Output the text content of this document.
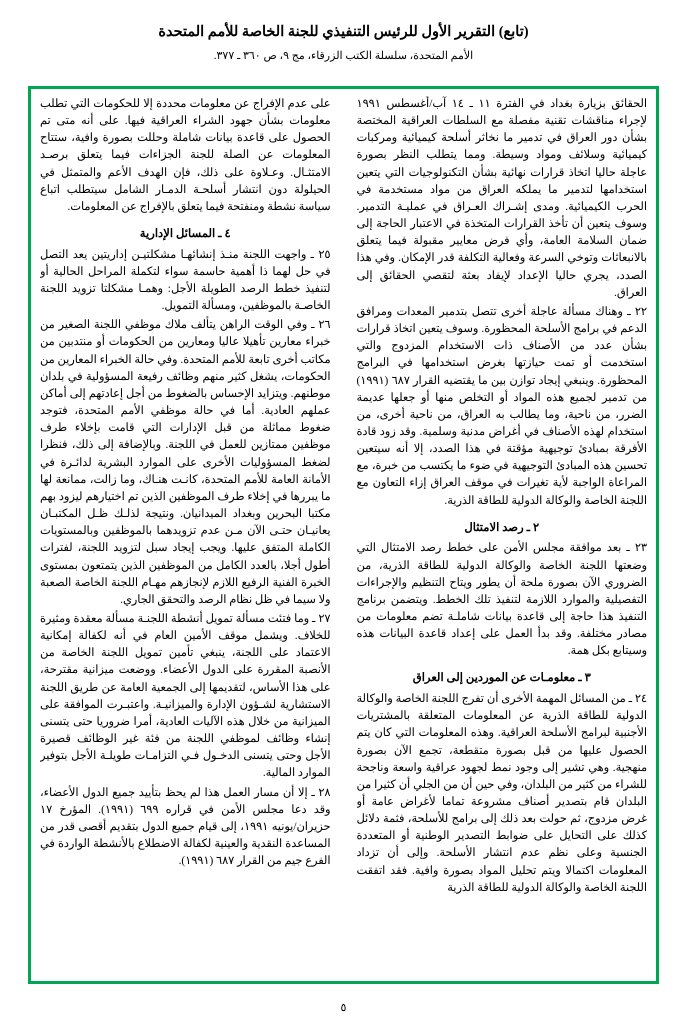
(تابع) التقرير الأول للرئيس التنفيذي للجنة الخاصة للأمم المتحدة
الأمم المتحدة، سلسلة الكتب الزرقاء، مج ٩، ص ٣٦٠ ـ ٣٧٧.

الحقائق بزيارة بغداد في الفترة ١١ ـ ١٤ آب/أغسطس ١٩٩١ لإجراء مناقشات تقنية مفصلة مع السلطات العراقية المختصة بشأن دور العراق في تدمير ما نخاثر أسلحة كيميائية ومركبات كيميائية وسلائف ومواد وسيطة. ومما يتطلب النظر بصورة عاجلة حاليا اتخاذ قرارات نهائية بشأن التكنولوجيات التي يتعين استخدامها لتدمير ما يملكه العراق من مواد مستخدمة في الحرب الكيميائية. ومدى إشـراك العـراق في عمليـة التدمير. وسوف يتعين أن تأخذ القرارات المتخذة في الاعتبار الحاجة إلى ضمان السلامة العامة، وأي فرض معايير مقبولة فيما يتعلق بالانبعاثات وتوخي السرعة وفعالية التكلفة قدر الإمكان. وفي هذا الصدد، يجري حاليا الإعداد لإيفاد بعثة لتقصي الحقائق إلى العراق.

٢٢ ـ وهناك مسألة عاجلة أخرى تتصل بتدمير المعدات ومرافق الدعم في برامج الأسلحة المحظورة. وسوف يتعين اتخاذ قرارات بشأن عدد من الأصناف ذات الاستخدام المزدوج والتي استخدمت أو تمت حيازتها بغرض استخدامها في البرامج المحظورة. وينبغي إيجاد توازن بين ما يقتضيه القرار ٦٨٧ (١٩٩١) من تدمير لجميع هذه المواد أو التخلص منها أو جعلها عديمة الضرر، من ناحية، وما يطالب به العراق، من ناحية أخرى، من استخدام لهذه الأصناف في أغراض مدنية وسلمية. وقد زود قادة الأفرقة بمبادئ توجيهية مؤقتة في هذا الصدد، إلا أنه سيتعين تحسين هذه المبادئ التوجيهية في ضوء ما يكتسب من خبرة، مع المراعاة الواجبة لأية تغيرات في موقف العراق إزاء التعاون مع اللجنة الخاصة والوكالة الدولية للطاقة الذرية.

٢ ـ رصد الامتثال

٢٣ ـ بعد موافقة مجلس الأمن على خطط رصد الامتثال التي وضعتها اللجنة الخاصة والوكالة الدولية للطاقة الذرية، من الضروري الآن بصورة ملحة أن يطور ويتاح التنظيم والإجراءات التفصيلية والموارد اللازمة لتنفيذ تلك الخطط. ويتضمن برنامج التنفيذ هذا حاجة إلى قاعدة بيانات شاملـة تضم معلومات من مصادر مختلفة. وقد بدأ العمل على إعداد قاعدة البيانات هذه وسيتابع بكل همة.

٣ ـ معلومـات عن الموردين إلى العراق

٢٤ ـ من المسائل المهمة الأخرى أن تفرج اللجنة الخاصة والوكالة الدولية للطاقة الذرية عن المعلومات المتعلقة بالمشتريات الأجنبية لبرامج الأسلحة العراقية. وهذه المعلومات التي كان يتم الحصول عليها من قبل بصورة متقطعة، تجمع الآن بصورة منهجية. وهي تشير إلى وجود نمط لجهود عراقية واسعة وناجحة للشراء من كثير من البلدان، وفي حين أن من الجلي أن كثيرا من البلدان قام بتصدير أصناف مشروعة تماما لأغراض عامة أو غرض مزدوج، ثم حولت بعد ذلك إلى برامج للأسلحة، فثمة دلائل كذلك على التحايل على ضوابط التصدير الوطنية أو المتعددة الجنسية وعلى نظم عدم انتشار الأسلحة. وإلى أن تزداد المعلومات اكتمالا ويتم تحليل المواد بصورة وافية. فقد اتفقت اللجنة الخاصة والوكالة الدولية للطاقة الذرية

على عدم الإفراج عن معلومات محددة إلا للحكومات التي تطلب معلومات بشأن جهود الشراء العراقية فيها. على أنه متى تم الحصول على قاعدة بيانات شاملة وحللت بصورة وافية، ستتاح المعلومات عن الصلة للجنة الجزاءات فيما يتعلق برصـد الامتثـال. وعـلاوة على ذلك، فإن الهدف الأعم والمتمثل في الحيلولة دون انتشار أسلحـة الدمـار الشامل سيتطلب اتباع سياسة نشطة ومنفتحة فيما يتعلق بالإفراج عن المعلومات.

٤ ـ المسائل الإدارية

٢٥ ـ واجهت اللجنة منـذ إنشائهـا مشكلتيـن إداريتين يعد التصل في حل لهما ذا أهمية حاسمة سواء لتكملة المراحل الحالية أو لتنفيذ خطط الرصد الطويلة الأجل: وهمـا مشكلتا تزويد اللجنة الخاصـة بالموظفين، ومسألة التمويل.

٢٦ ـ وفي الوقت الراهن يتألف ملاك موظفي اللجنة الصغير من خبراء معارين تأهيلا عاليا ومعارين من الحكومات أو منتدبين من مكاتب أخرى تابعة للأمم المتحدة. وفي حالة الخبراء المعارين من الحكومات، يشغل كثير منهم وظائف رفيعة المسؤولية في بلدان موطنهم. ويتزايد الإحساس بالضغوط من أجل إعادتهم إلى أماكن عملهم العادية. أما في حالة موظفي الأمم المتحدة، فتوجد ضغوط مماثلة من قبل الإدارات التي قامت بإخلاء طرف موظفين ممتازين للعمل في اللجنة. وبالإضافة إلى ذلك، فنظرا لضغط المسؤوليات الأخرى على الموارد البشرية لدائـرة في الأمانة العامة للأمم المتحدة، كانـت هنـاك، وما زالت، ممانعة لها ما يبررها في إخلاء طرف الموظفين الذين تم اختيارهم ليزود بهم مكتبا البحرين وبغداد الميدانيان. ونتيجة لذلـك ظـل المكتبـان يعانيـان حتـى الآن مـن عدم تزويدهما بالموظفين وبالمستويات الكاملة المتفق عليها. ويجب إيجاد سبل لتزويد اللجنة، لفترات أطول أجلا، بالعدد الكامل من الموظفين الذين يتمتعون بمستوى الخبرة الفنية الرفيع اللازم لإنجازهم مهـام اللجنة الخاصة الصعبة ولا سيما في ظل نظام الرصد والتحقق الجاري.

٢٧ ـ وما فتئت مسألة تمويل أنشطة اللجنـة مسألة معقدة ومثيرة للخلاف. ويشمل موقف الأمين العام في أنه لكفالة إمكانية الاعتماد على اللجنة، ينبغي تأمين تمويل اللجنة الخاصة من الأنصبة المقررة على الدول الأعضاء. ووضعت ميزانية مقترحة، على هذا الأساس، لتقديمها إلى الجمعية العامة عن طريق اللجنة الاستشارية لشـؤون الإدارة والميزانيـة. واعتبـرت الموافقة على الميزانية من خلال هذه الآليات العادية، أمرا ضروريا حتى يتسنى إنشاء وظائف لموظفي اللجنة من فئة غير الوظائف قصيرة الأجل وحتى يتسنى الدخـول فـي التزامـات طويلـة الأجل بتوفير الموارد المالية.

٢٨ ـ إلا أن مسار العمل هذا لم يحظ بتأييد جميع الدول الأعضاء، وقد دعا مجلس الأمن في قراره ٦٩٩ (١٩٩١). المؤرخ ١٧ حزيران/يونيه ١٩٩١، إلى قيام جميع الدول بتقديم أقصى قدر من المساعدة النقدية والعينية لكفالة الاضطلاع بالأنشطة الواردة في الفرع جيم من القرار ٦٨٧ (١٩٩١).

٥
